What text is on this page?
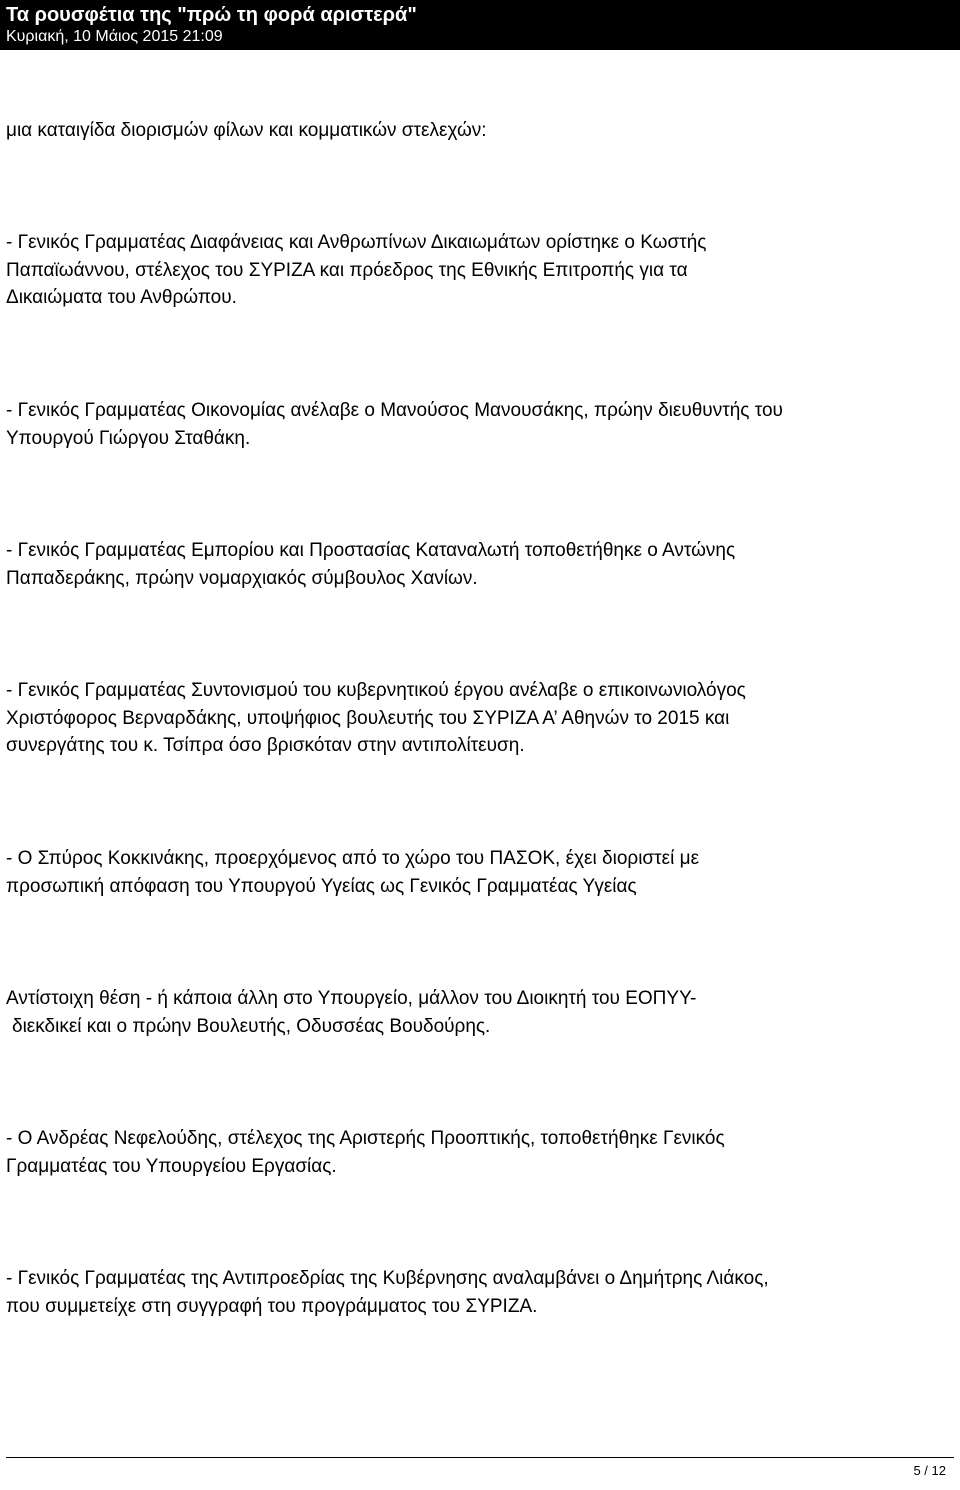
Τα ρουσφέτια της "πρώ τη φορά αριστερά"
Κυριακή, 10 Μάιος 2015 21:09

μια καταιγίδα διορισμών φίλων και κομματικών στελεχών:

- Γενικός Γραμματέας Διαφάνειας και Ανθρωπίνων Δικαιωμάτων ορίστηκε ο Κωστής
Παπαϊωάννου, στέλεχος του ΣΥΡΙΖΑ και πρόεδρος της Εθνικής Επιτροπής για τα
Δικαιώματα του Ανθρώπου.

- Γενικός Γραμματέας Οικονομίας ανέλαβε ο Μανούσος Μανουσάκης, πρώην διευθυντής του
Υπουργού Γιώργου Σταθάκη.

- Γενικός Γραμματέας Εμπορίου και Προστασίας Καταναλωτή τοποθετήθηκε ο Αντώνης
Παπαδεράκης, πρώην νομαρχιακός σύμβουλος Χανίων.

- Γενικός Γραμματέας Συντονισμού του κυβερνητικού έργου ανέλαβε ο επικοινωνιολόγος
Χριστόφορος Βερναρδάκης, υποψήφιος βουλευτής του ΣΥΡΙΖΑ Α’ Αθηνών το 2015 και
συνεργάτης του κ. Τσίπρα όσο βρισκόταν στην αντιπολίτευση.

- Ο Σπύρος Κοκκινάκης, προερχόμενος από το χώρο του ΠΑΣΟΚ, έχει διοριστεί με
προσωπική απόφαση του Υπουργού Υγείας ως Γενικός Γραμματέας Υγείας

Αντίστοιχη θέση - ή κάποια άλλη στο Υπουργείο, μάλλον του Διοικητή του ΕΟΠΥΥ-
διεκδικεί και ο πρώην Βουλευτής, Οδυσσέας Βουδούρης.

- Ο Ανδρέας Νεφελούδης, στέλεχος της Αριστερής Προοπτικής, τοποθετήθηκε Γενικός
Γραμματέας του Υπουργείου Εργασίας.

- Γενικός Γραμματέας της Αντιπροεδρίας της Κυβέρνησης αναλαμβάνει ο Δημήτρης Λιάκος,
που συμμετείχε στη συγγραφή του προγράμματος του ΣΥΡΙΖΑ.

5 / 12
